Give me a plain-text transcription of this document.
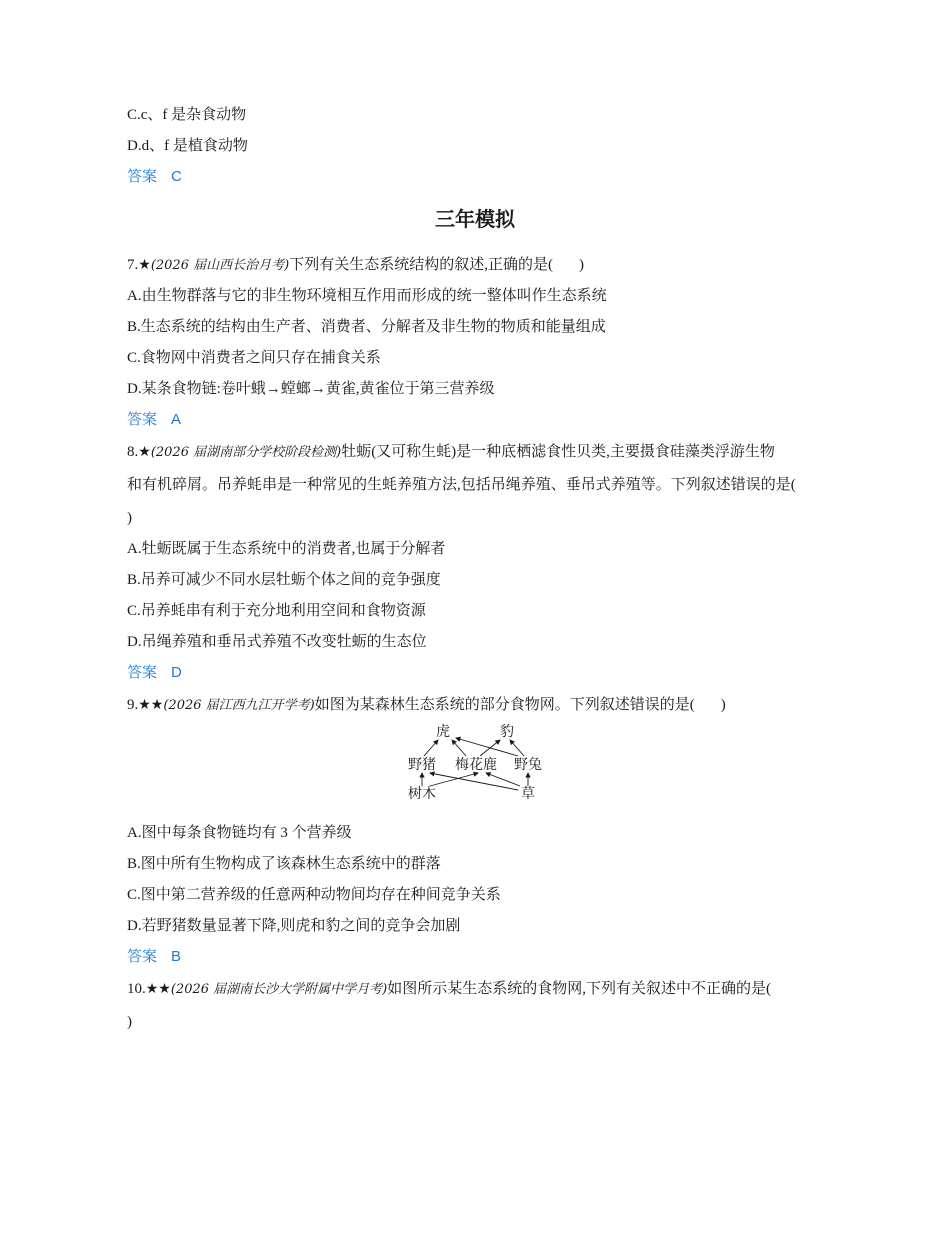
C.c、f 是杂食动物
D.d、f 是植食动物
答案 C
三年模拟
7.★(2026 届山西长治月考)下列有关生态系统结构的叙述,正确的是( )
A.由生物群落与它的非生物环境相互作用而形成的统一整体叫作生态系统
B.生态系统的结构由生产者、消费者、分解者及非生物的物质和能量组成
C.食物网中消费者之间只存在捕食关系
D.某条食物链:卷叶蛾→螳螂→黄雀,黄雀位于第三营养级
答案 A
8.★(2026 届湖南部分学校阶段检测)牡蛎(又可称生蚝)是一种底栖滤食性贝类,主要摄食硅藻类浮游生物
和有机碎屑。吊养蚝串是一种常见的生蚝养殖方法,包括吊绳养殖、垂吊式养殖等。下列叙述错误的是(
)
A.牡蛎既属于生态系统中的消费者,也属于分解者
B.吊养可减少不同水层牡蛎个体之间的竞争强度
C.吊养蚝串有利于充分地利用空间和食物资源
D.吊绳养殖和垂吊式养殖不改变牡蛎的生态位
答案 D
9.★★(2026 届江西九江开学考)如图为某森林生态系统的部分食物网。下列叙述错误的是( )
虎	豹
野猪 梅花鹿 野兔
树木	草
A.图中每条食物链均有 3 个营养级
B.图中所有生物构成了该森林生态系统中的群落
C.图中第二营养级的任意两种动物间均存在种间竞争关系
D.若野猪数量显著下降,则虎和豹之间的竞争会加剧
答案 B
10.★★(2026 届湖南长沙大学附属中学月考)如图所示某生态系统的食物网,下列有关叙述中不正确的是(
)
